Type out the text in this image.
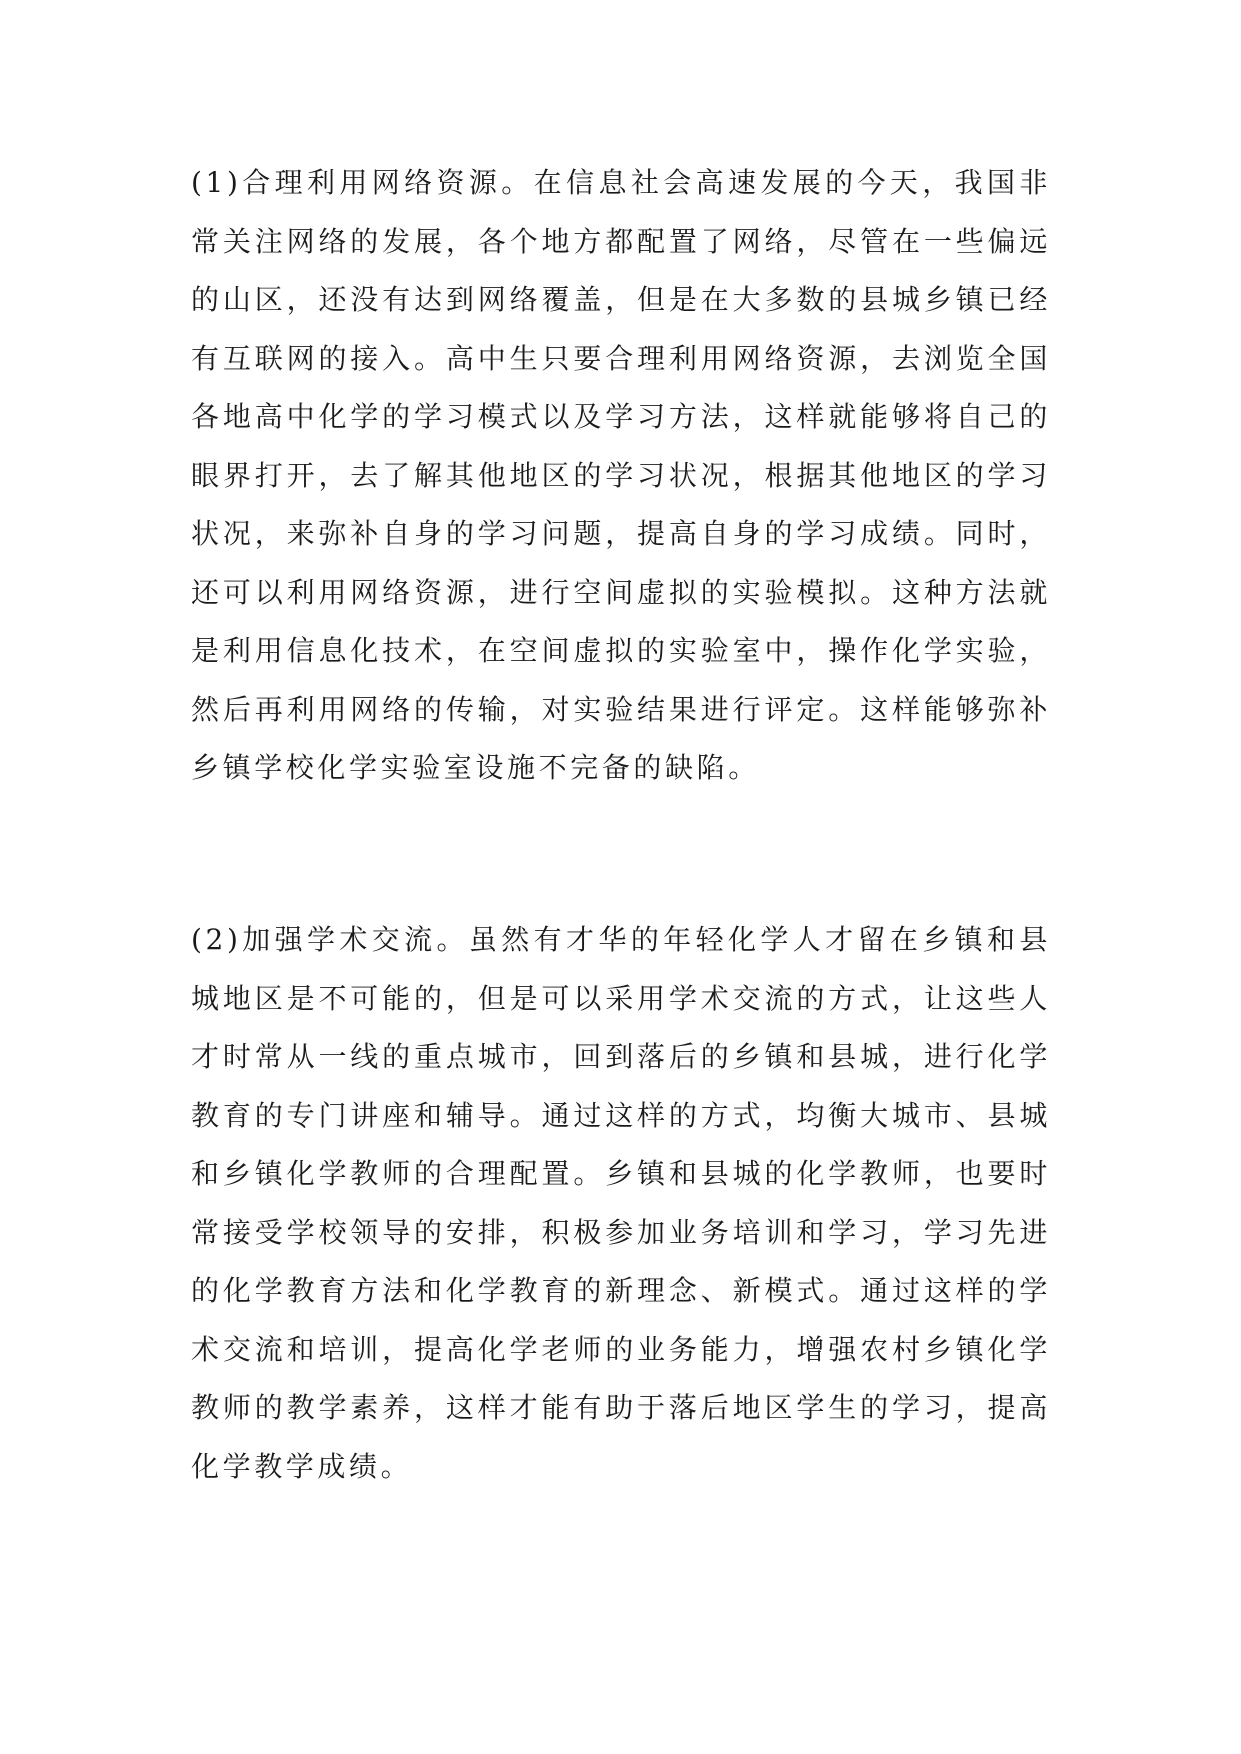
(1)合理利用网络资源。在信息社会高速发展的今天，我国非常关注网络的发展，各个地方都配置了网络，尽管在一些偏远的山区，还没有达到网络覆盖，但是在大多数的县城乡镇已经有互联网的接入。高中生只要合理利用网络资源，去浏览全国各地高中化学的学习模式以及学习方法，这样就能够将自己的眼界打开，去了解其他地区的学习状况，根据其他地区的学习状况，来弥补自身的学习问题，提高自身的学习成绩。同时，还可以利用网络资源，进行空间虚拟的实验模拟。这种方法就是利用信息化技术，在空间虚拟的实验室中，操作化学实验，然后再利用网络的传输，对实验结果进行评定。这样能够弥补乡镇学校化学实验室设施不完备的缺陷。

(2)加强学术交流。虽然有才华的年轻化学人才留在乡镇和县城地区是不可能的，但是可以采用学术交流的方式，让这些人才时常从一线的重点城市，回到落后的乡镇和县城，进行化学教育的专门讲座和辅导。通过这样的方式，均衡大城市、县城和乡镇化学教师的合理配置。乡镇和县城的化学教师，也要时常接受学校领导的安排，积极参加业务培训和学习，学习先进的化学教育方法和化学教育的新理念、新模式。通过这样的学术交流和培训，提高化学老师的业务能力，增强农村乡镇化学教师的教学素养，这样才能有助于落后地区学生的学习，提高化学教学成绩。
